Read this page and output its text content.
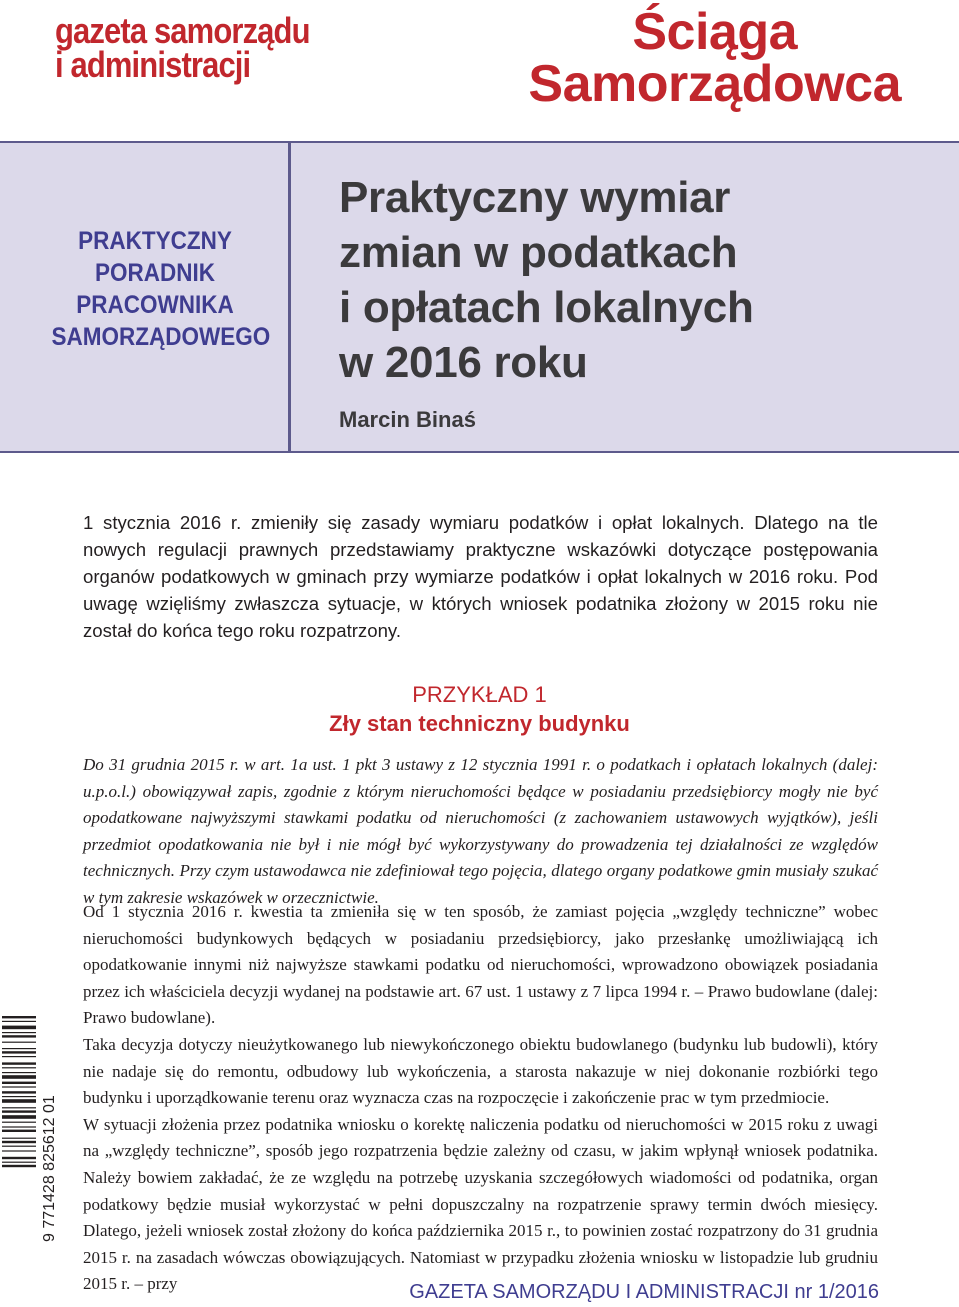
gazeta samorządu
i administracji
Ściąga
Samorządowca
PRAKTYCZNY
PORADNIK
PRACOWNIKA
SAMORZĄDOWEGO
Praktyczny wymiar
zmian w podatkach
i opłatach lokalnych
w 2016 roku
Marcin Binaś
1 stycznia 2016 r. zmieniły się zasady wymiaru podatków i opłat lokalnych. Dlatego na tle nowych regulacji prawnych przedstawiamy praktyczne wskazówki dotyczące postępowania organów podatkowych w gminach przy wymiarze podatków i opłat lokalnych w 2016 roku. Pod uwagę wzięliśmy zwłaszcza sytuacje, w których wniosek podatnika złożony w 2015 roku nie został do końca tego roku rozpatrzony.
PRZYKŁAD 1
Zły stan techniczny budynku
Do 31 grudnia 2015 r. w art. 1a ust. 1 pkt 3 ustawy z 12 stycznia 1991 r. o podatkach i opłatach lokalnych (dalej: u.p.o.l.) obowiązywał zapis, zgodnie z którym nieruchomości będące w posiadaniu przedsiębiorcy mogły nie być opodatkowane najwyższymi stawkami podatku od nieruchomości (z zachowaniem ustawowych wyjątków), jeśli przedmiot opodatkowania nie był i nie mógł być wykorzystywany do prowadzenia tej działalności ze względów technicznych. Przy czym ustawodawca nie zdefiniował tego pojęcia, dlatego organy podatkowe gmin musiały szukać w tym zakresie wskazówek w orzecznictwie.

Od 1 stycznia 2016 r. kwestia ta zmieniła się w ten sposób, że zamiast pojęcia „względy techniczne” wobec nieruchomości budynkowych będących w posiadaniu przedsiębiorcy, jako przesłankę umożliwiającą ich opodatkowanie innymi niż najwyższe stawkami podatku od nieruchomości, wprowadzono obowiązek posiadania przez ich właściciela decyzji wydanej na podstawie art. 67 ust. 1 ustawy z 7 lipca 1994 r. – Prawo budowlane (dalej: Prawo budowlane).

Taka decyzja dotyczy nieużytkowanego lub niewykończonego obiektu budowlanego (budynku lub budowli), który nie nadaje się do remontu, odbudowy lub wykończenia, a starosta nakazuje w niej dokonanie rozbiórki tego budynku i uporządkowanie terenu oraz wyznacza czas na rozpoczęcie i zakończenie prac w tym przedmiocie.

W sytuacji złożenia przez podatnika wniosku o korektę naliczenia podatku od nieruchomości w 2015 roku z uwagi na „względy techniczne”, sposób jego rozpatrzenia będzie zależny od czasu, w jakim wpłynął wniosek podatnika. Należy bowiem zakładać, że ze względu na potrzebę uzyskania szczegółowych wiadomości od podatnika, organ podatkowy będzie musiał wykorzystać w pełni dopuszczalny na rozpatrzenie sprawy termin dwóch miesięcy. Dlatego, jeżeli wniosek został złożony do końca października 2015 r., to powinien zostać rozpatrzony do 31 grudnia 2015 r. na zasadach wówczas obowiązujących. Natomiast w przypadku złożenia wniosku w listopadzie lub grudniu 2015 r. – przy

9 771428 825612 01
GAZETA SAMORZĄDU I ADMINISTRACJI nr 1/2016
